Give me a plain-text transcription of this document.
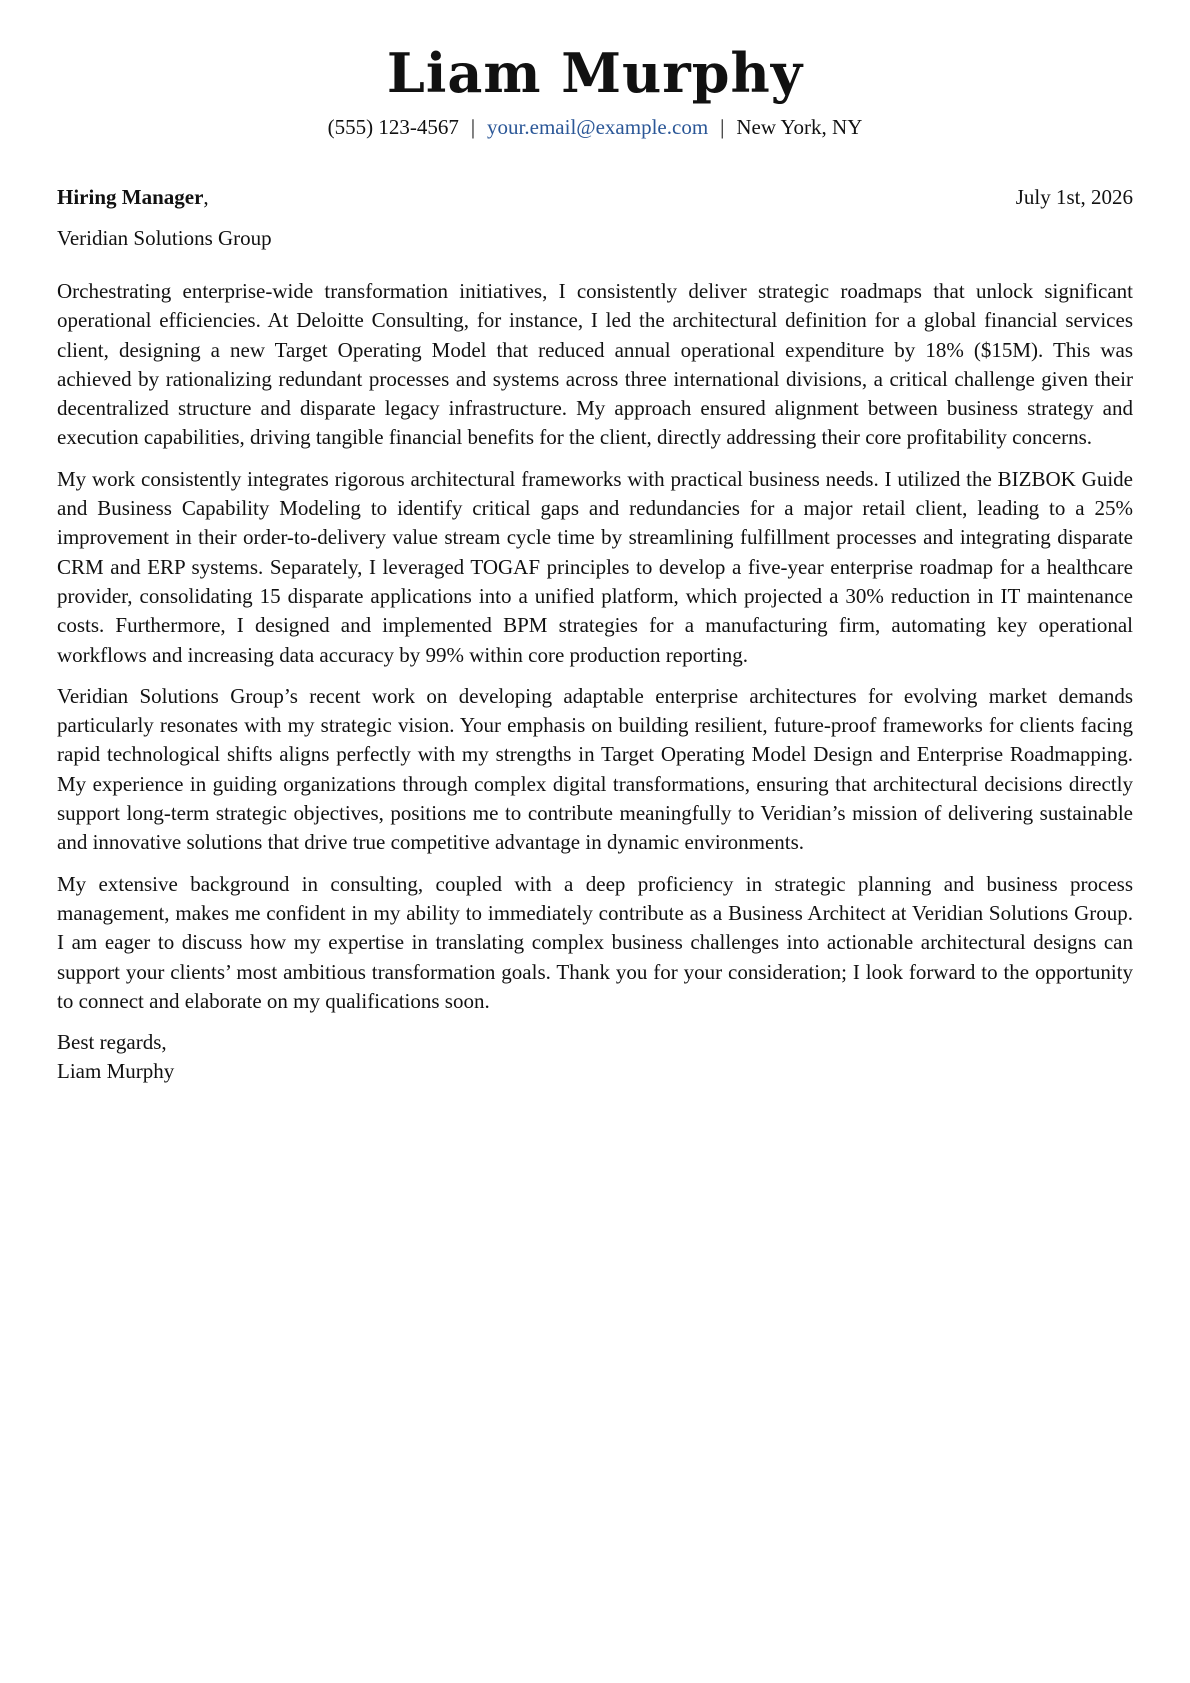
Liam Murphy
(555) 123-4567 | your.email@example.com | New York, NY
Hiring Manager,	July 1st, 2026
Veridian Solutions Group

Orchestrating enterprise-wide transformation initiatives, I consistently deliver strategic roadmaps that unlock significant operational efficiencies. At Deloitte Consulting, for instance, I led the architectural definition for a global financial services client, designing a new Target Operating Model that reduced annual operational expenditure by 18% ($15M). This was achieved by rationalizing redundant processes and systems across three international divisions, a critical challenge given their decentralized structure and disparate legacy infrastructure. My approach ensured alignment between business strategy and execution capabilities, driving tangible financial benefits for the client, directly addressing their core profitability concerns.

My work consistently integrates rigorous architectural frameworks with practical business needs. I utilized the BIZBOK Guide and Business Capability Modeling to identify critical gaps and redundancies for a major retail client, leading to a 25% improvement in their order-to-delivery value stream cycle time by streamlining fulfillment processes and integrating disparate CRM and ERP systems. Separately, I leveraged TOGAF principles to develop a five-year enterprise roadmap for a healthcare provider, consolidating 15 disparate applications into a unified platform, which projected a 30% reduction in IT maintenance costs. Furthermore, I designed and implemented BPM strategies for a manufacturing firm, automating key operational workflows and increasing data accuracy by 99% within core production reporting.

Veridian Solutions Group’s recent work on developing adaptable enterprise architectures for evolving market demands particularly resonates with my strategic vision. Your emphasis on building resilient, future-proof frameworks for clients facing rapid technological shifts aligns perfectly with my strengths in Target Operating Model Design and Enterprise Roadmapping. My experience in guiding organizations through complex digital transformations, ensuring that architectural decisions directly support long-term strategic objectives, positions me to contribute meaningfully to Veridian’s mission of delivering sustainable and innovative solutions that drive true competitive advantage in dynamic environments.

My extensive background in consulting, coupled with a deep proficiency in strategic planning and business process management, makes me confident in my ability to immediately contribute as a Business Architect at Veridian Solutions Group. I am eager to discuss how my expertise in translating complex business challenges into actionable architectural designs can support your clients’ most ambitious transformation goals. Thank you for your consideration; I look forward to the opportunity to connect and elaborate on my qualifications soon.

Best regards,
Liam Murphy
